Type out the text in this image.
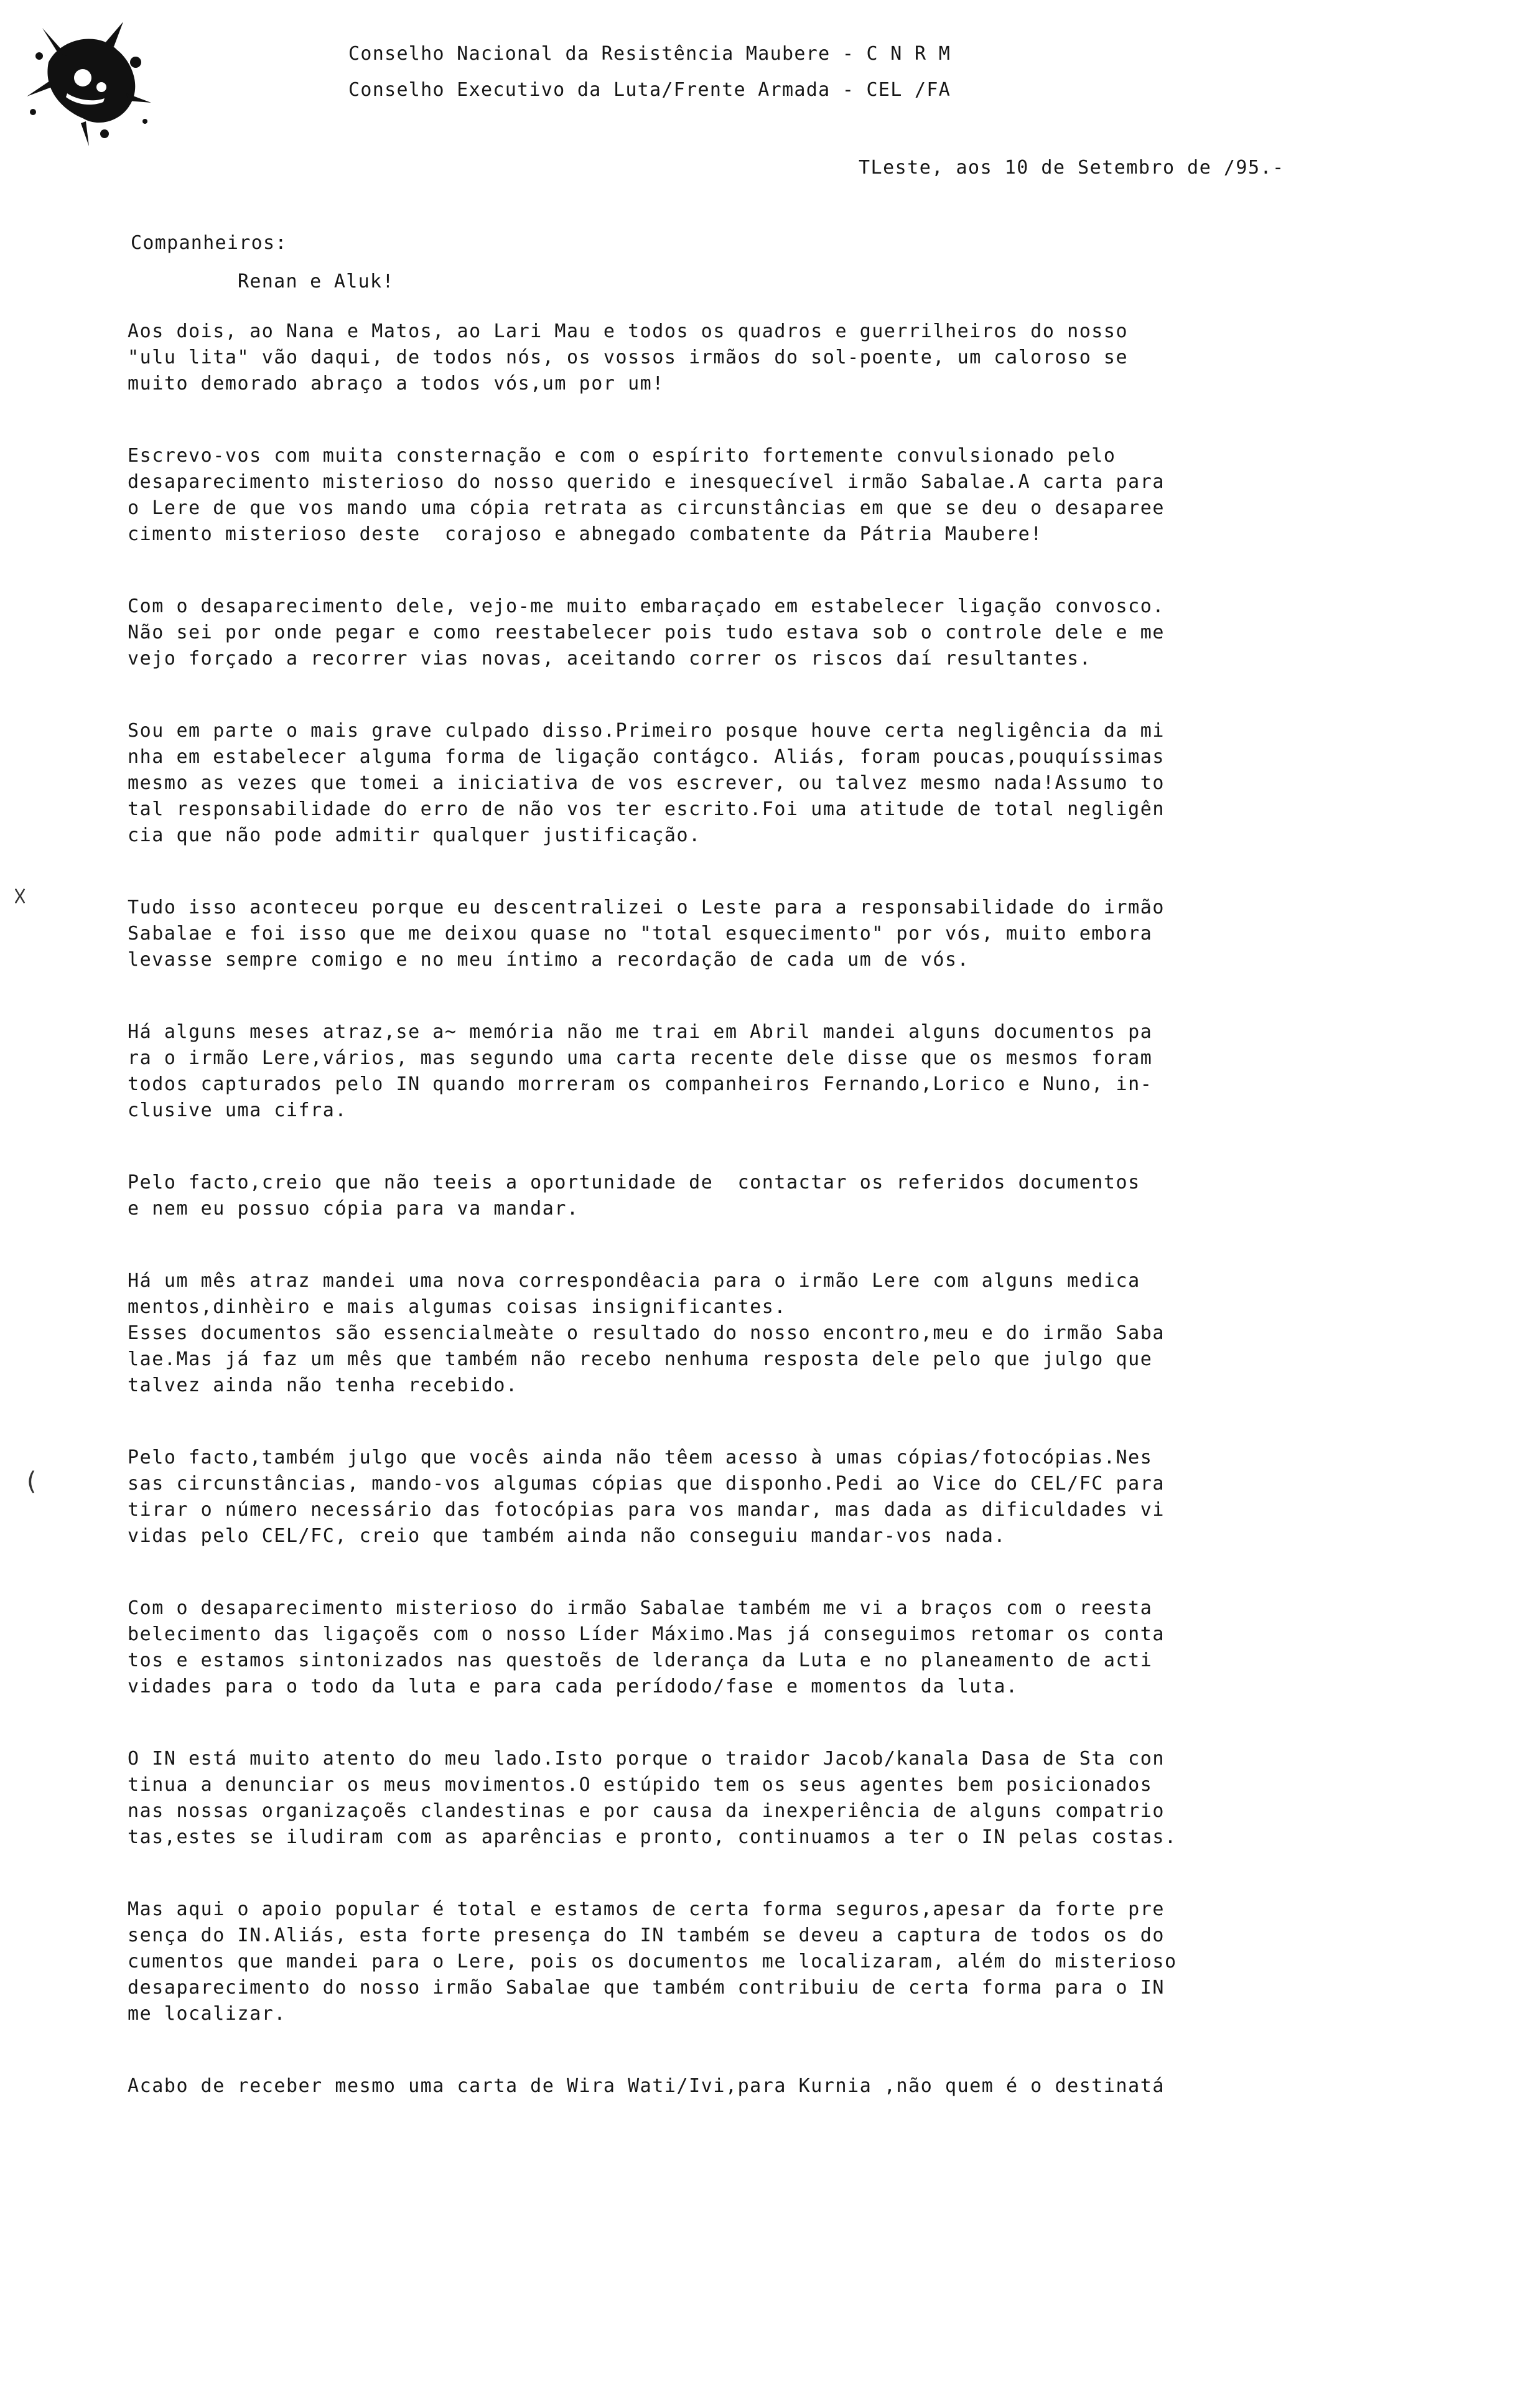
Conselho Nacional da Resistência Maubere - C N R M
Conselho Executivo da Luta/Frente Armada - CEL /FA
TLeste, aos 10 de Setembro de /95.-
Companheiros:
Renan e Aluk!
Aos dois, ao Nana e Matos, ao Lari Mau e todos os quadros e guerrilheiros do nosso
"ulu lita" vão daqui, de todos nós, os vossos irmãos do sol-poente, um caloroso se
muito demorado abraço a todos vós,um por um!
Escrevo-vos com muita consternação e com o espírito fortemente convulsionado pelo
desaparecimento misterioso do nosso querido e inesquecível irmão Sabalae.A carta para
o Lere de que vos mando uma cópia retrata as circunstâncias em que se deu o desaparee
cimento misterioso deste  corajoso e abnegado combatente da Pátria Maubere!
Com o desaparecimento dele, vejo-me muito embaraçado em estabelecer ligação convosco.
Não sei por onde pegar e como reestabelecer pois tudo estava sob o controle dele e me
vejo forçado a recorrer vias novas, aceitando correr os riscos daí resultantes.
Sou em parte o mais grave culpado disso.Primeiro posque houve certa negligência da mi
nha em estabelecer alguma forma de ligação contágco. Aliás, foram poucas,pouquíssimas
mesmo as vezes que tomei a iniciativa de vos escrever, ou talvez mesmo nada!Assumo to
tal responsabilidade do erro de não vos ter escrito.Foi uma atitude de total negligên
cia que não pode admitir qualquer justificação.
Tudo isso aconteceu porque eu descentralizei o Leste para a responsabilidade do irmão
Sabalae e foi isso que me deixou quase no "total esquecimento" por vós, muito embora
levasse sempre comigo e no meu íntimo a recordação de cada um de vós.
Há alguns meses atraz,se a~ memória não me trai em Abril mandei alguns documentos pa
ra o irmão Lere,vários, mas segundo uma carta recente dele disse que os mesmos foram
todos capturados pelo IN quando morreram os companheiros Fernando,Lorico e Nuno, in-
clusive uma cifra.
Pelo facto,creio que não teeis a oportunidade de  contactar os referidos documentos
e nem eu possuo cópia para va mandar.
Há um mês atraz mandei uma nova correspondêacia para o irmão Lere com alguns medica
mentos,dinhèiro e mais algumas coisas insignificantes.
Esses documentos são essencialmeàte o resultado do nosso encontro,meu e do irmão Saba
lae.Mas já faz um mês que também não recebo nenhuma resposta dele pelo que julgo que
talvez ainda não tenha recebido.
Pelo facto,também julgo que vocês ainda não têem acesso à umas cópias/fotocópias.Nes
sas circunstâncias, mando-vos algumas cópias que disponho.Pedi ao Vice do CEL/FC para
tirar o número necessário das fotocópias para vos mandar, mas dada as dificuldades vi
vidas pelo CEL/FC, creio que também ainda não conseguiu mandar-vos nada.
Com o desaparecimento misterioso do irmão Sabalae também me vi a braços com o reesta
belecimento das ligaçoẽs com o nosso Líder Máximo.Mas já conseguimos retomar os conta
tos e estamos sintonizados nas questoẽs de lderança da Luta e no planeamento de acti
vidades para o todo da luta e para cada perídodo/fase e momentos da luta.
O IN está muito atento do meu lado.Isto porque o traidor Jacob/kanala Dasa de Sta con
tinua a denunciar os meus movimentos.O estúpido tem os seus agentes bem posicionados
nas nossas organizaçoẽs clandestinas e por causa da inexperiência de alguns compatrio
tas,estes se iludiram com as aparências e pronto, continuamos a ter o IN pelas costas.
Mas aqui o apoio popular é total e estamos de certa forma seguros,apesar da forte pre
sença do IN.Aliás, esta forte presença do IN também se deveu a captura de todos os do
cumentos que mandei para o Lere, pois os documentos me localizaram, além do misterioso
desaparecimento do nosso irmão Sabalae que também contribuiu de certa forma para o IN
me localizar.
Acabo de receber mesmo uma carta de Wira Wati/Ivi,para Kurnia ,não quem é o destinatá
☓
(
